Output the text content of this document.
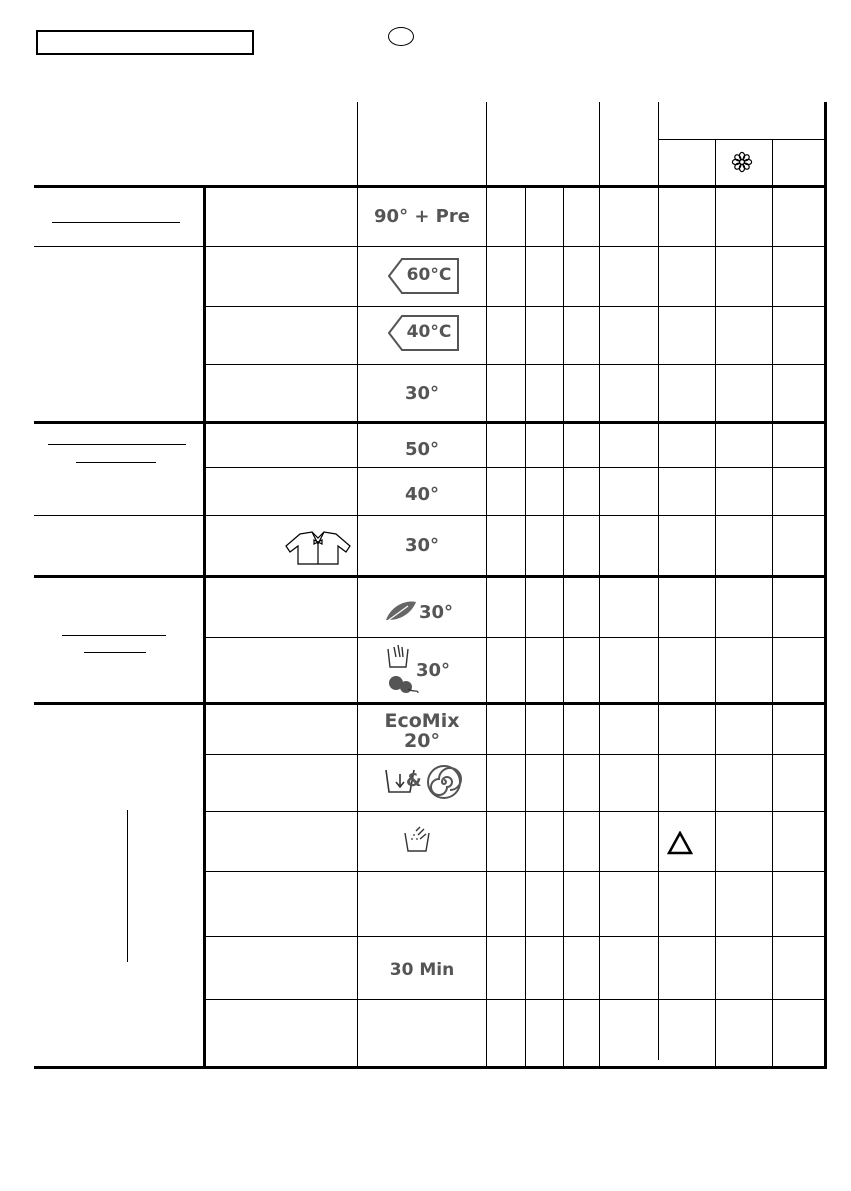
90° + Pre
60°C
40°C
30°
50°
40°
30°
30°
30°
EcoMix
20°
&
30 Min
